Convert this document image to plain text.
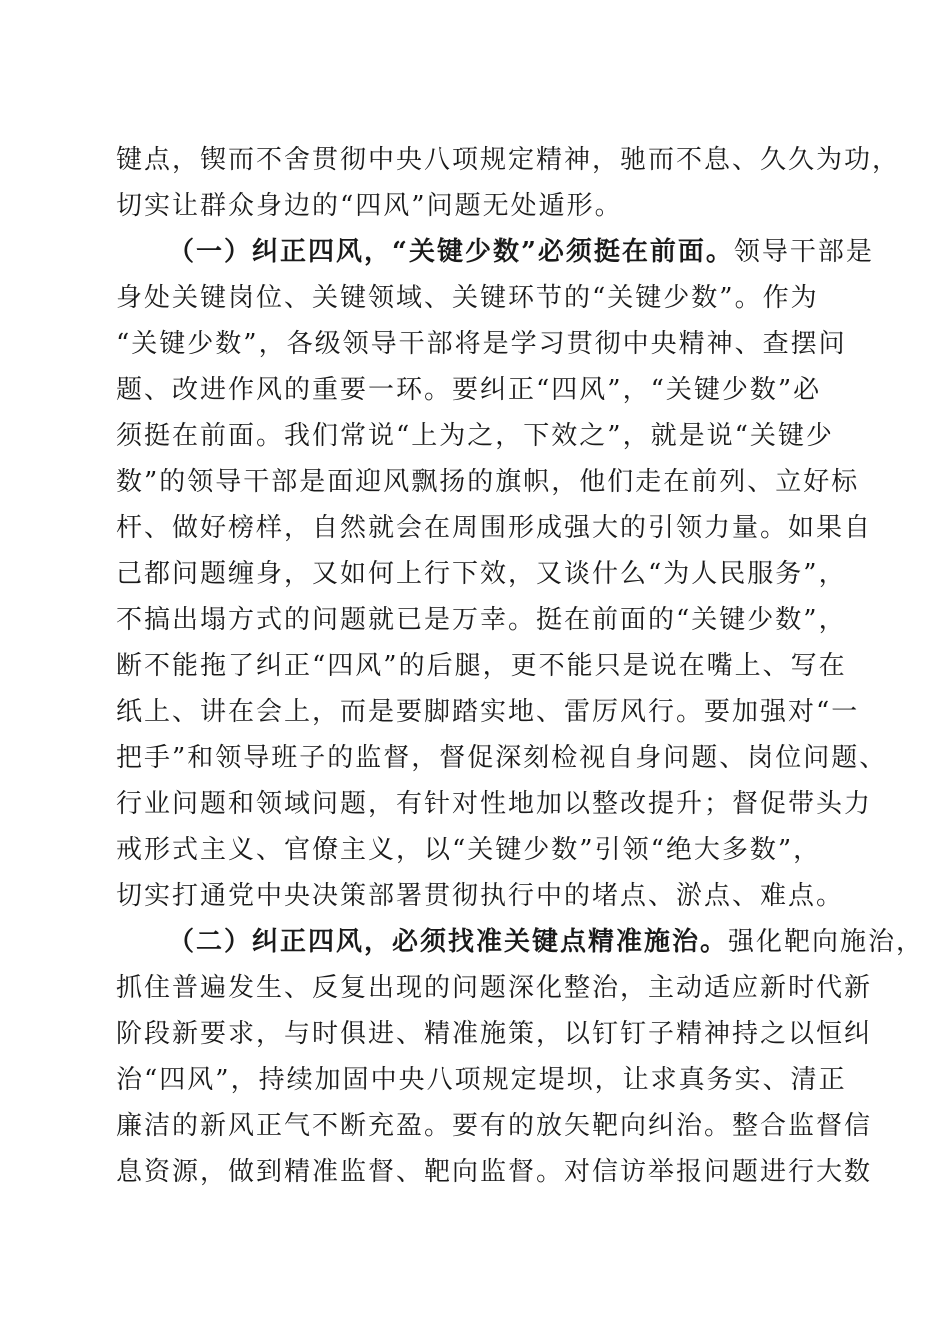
键点，锲而不舍贯彻中央八项规定精神，驰而不息、久久为功，
切实让群众身边的“四风”问题无处遁形。
（一）纠正四风，“关键少数”必须挺在前面。领导干部是
身处关键岗位、关键领域、关键环节的“关键少数”。作为
“关键少数”，各级领导干部将是学习贯彻中央精神、查摆问
题、改进作风的重要一环。要纠正“四风”，“关键少数”必
须挺在前面。我们常说“上为之，下效之”，就是说“关键少
数”的领导干部是面迎风飘扬的旗帜，他们走在前列、立好标
杆、做好榜样，自然就会在周围形成强大的引领力量。如果自
己都问题缠身，又如何上行下效，又谈什么“为人民服务”，
不搞出塌方式的问题就已是万幸。挺在前面的“关键少数”，
断不能拖了纠正“四风”的后腿，更不能只是说在嘴上、写在
纸上、讲在会上，而是要脚踏实地、雷厉风行。要加强对“一
把手”和领导班子的监督，督促深刻检视自身问题、岗位问题、
行业问题和领域问题，有针对性地加以整改提升；督促带头力
戒形式主义、官僚主义，以“关键少数”引领“绝大多数”，
切实打通党中央决策部署贯彻执行中的堵点、淤点、难点。
（二）纠正四风，必须找准关键点精准施治。强化靶向施治，
抓住普遍发生、反复出现的问题深化整治，主动适应新时代新
阶段新要求，与时俱进、精准施策，以钉钉子精神持之以恒纠
治“四风”，持续加固中央八项规定堤坝，让求真务实、清正
廉洁的新风正气不断充盈。要有的放矢靶向纠治。整合监督信
息资源，做到精准监督、靶向监督。对信访举报问题进行大数
